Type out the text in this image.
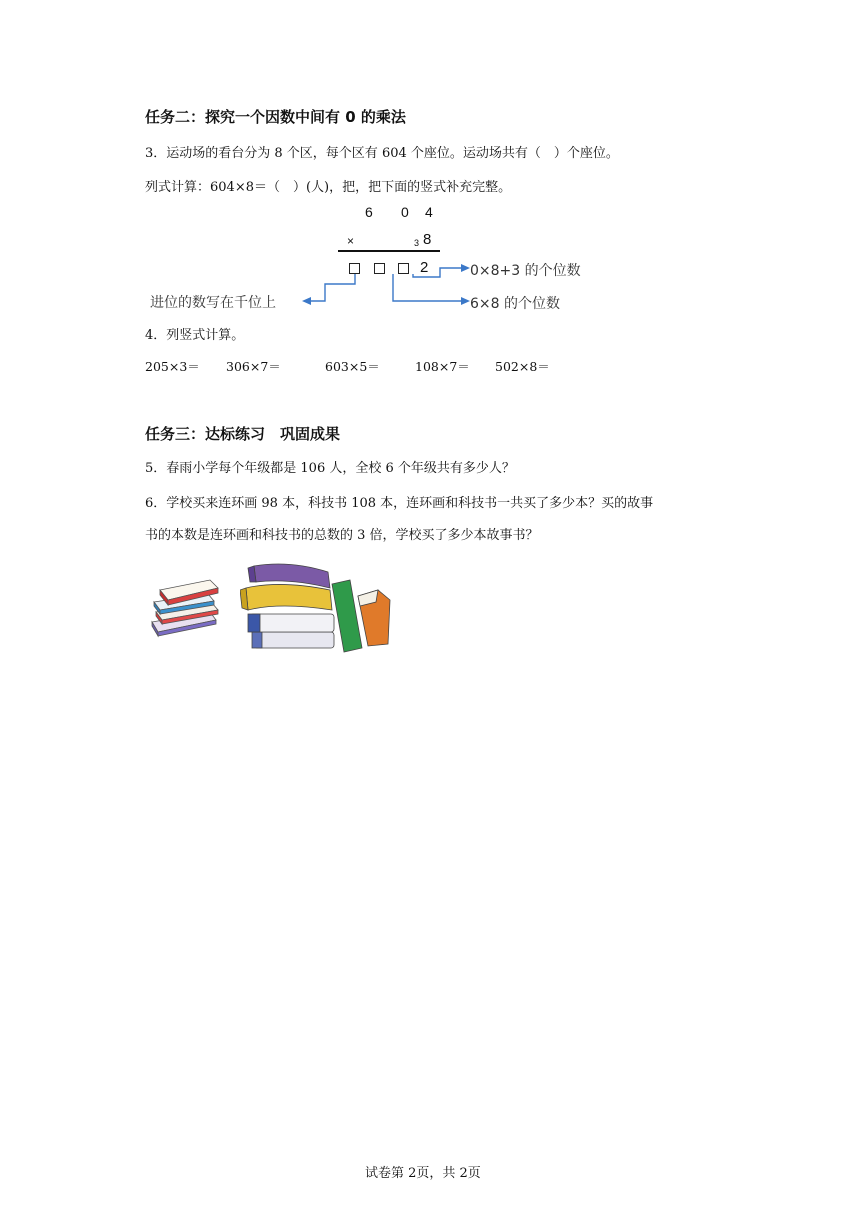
任务二：探究一个因数中间有 0 的乘法
3．运动场的看台分为 8 个区，每个区有 604 个座位。运动场共有（　）个座位。
列式计算：604×8＝（　）(人)，把，把下面的竖式补充完整。
6 0 4
×	3 8
2	0×8+3 的个位数
6×8 的个位数
进位的数写在千位上
4．列竖式计算。
205×3＝ 306×7＝	603×5＝	108×7＝ 502×8＝
任务三：达标练习　巩固成果
5．春雨小学每个年级都是 106 人，全校 6 个年级共有多少人？
6．学校买来连环画 98 本，科技书 108 本，连环画和科技书一共买了多少本？买的故事
书的本数是连环画和科技书的总数的 3 倍，学校买了多少本故事书？
试卷第 2页，共 2页
